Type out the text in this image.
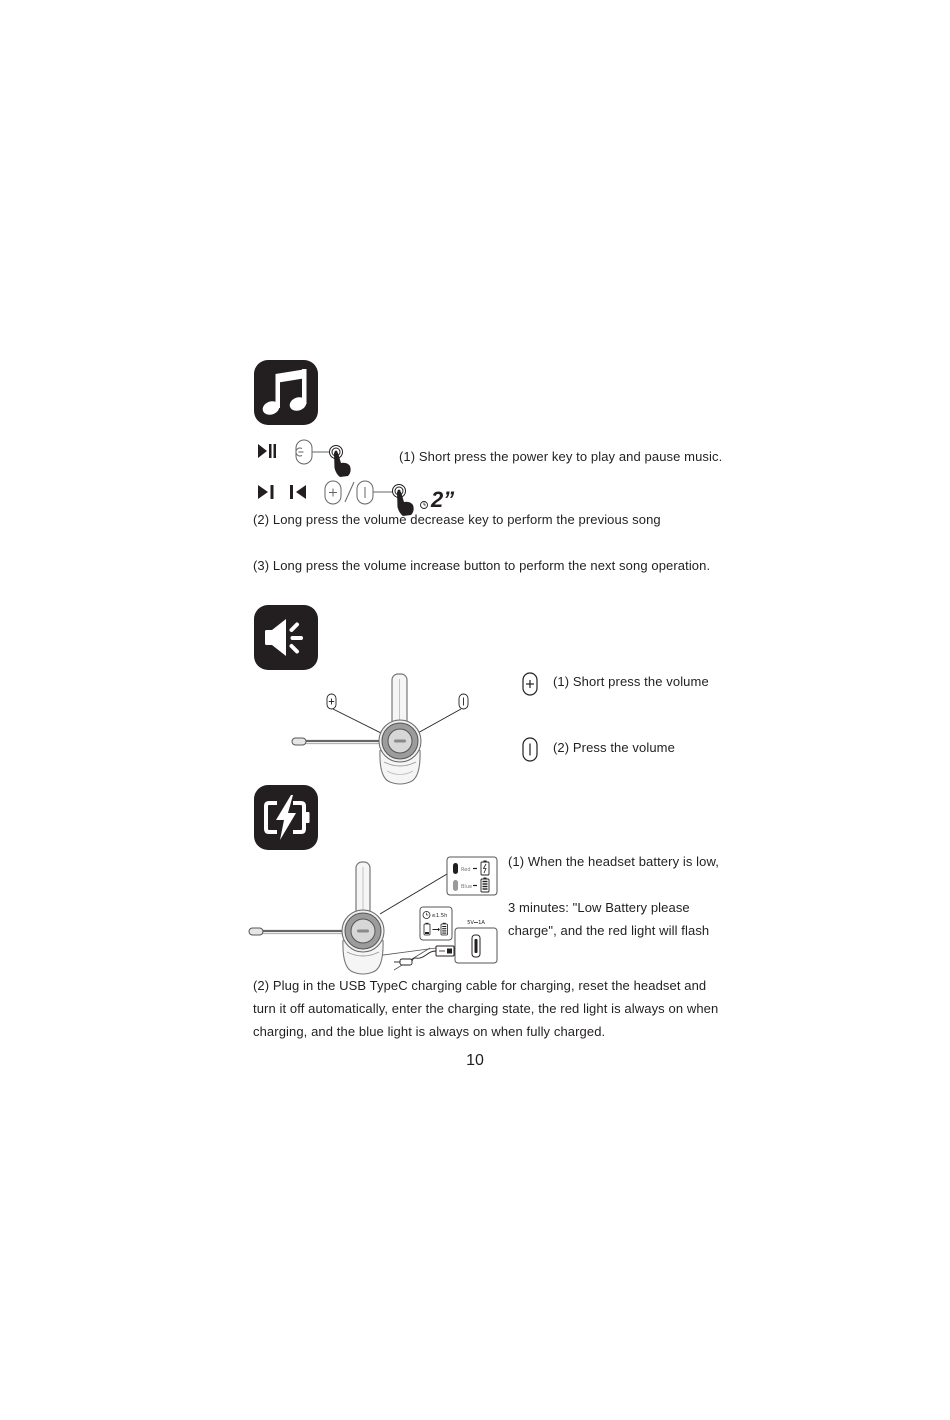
(1) Short press the power key to play and pause music.
2”
(2) Long press the volume decrease key to perform the previous song
(3) Long press the volume increase button to perform the next song operation.
(1) Short press the volume
(2) Press the volume
Red
Blue
≤1.5h
5V⎓1A
(1) When the headset battery is low,
3 minutes: "Low Battery please
charge", and the red light will flash
(2) Plug in the USB TypeC charging cable for charging, reset the headset and
turn it off automatically, enter the charging state, the red light is always on when
charging, and the blue light is always on when fully charged.
10
